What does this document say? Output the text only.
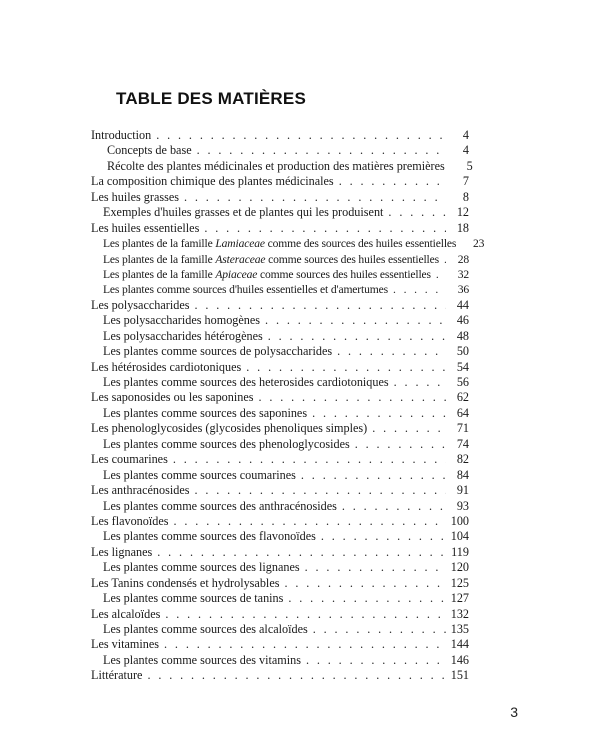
TABLE DES MATIÈRES
Introduction . . .	4
Concepts de base . . .	4
Récolte des plantes médicinales et production des matières premières	5
La composition chimique des plantes médicinales . . .	7
Les huiles grasses . . .	8
Exemples d'huiles grasses et de plantes qui les produisent . . .	12
Les huiles essentielles . . .	18
Les plantes de la famille Lamiaceae comme des sources des huiles essentielles	23
Les plantes de la famille Asteraceae comme sources des huiles essentielles . . .	28
Les plantes de la famille Apiaceae comme sources des huiles essentielles . . .	32
Les plantes comme sources d'huiles essentielles et d'amertumes . . .	36
Les polysaccharides . . .	44
Les polysaccharides homogènes . . .	46
Les polysaccharides hétérogènes . . .	48
Les plantes comme sources de polysaccharides . . .	50
Les hétérosides cardiotoniques . . .	54
Les plantes comme sources des heterosides cardiotoniques . . .	56
Les saponosides ou les saponines . . .	62
Les plantes comme sources des saponines . . .	64
Les phenologlycosides (glycosides phenoliques simples) . . .	71
Les plantes comme sources des phenologlycosides . . .	74
Les coumarines . . .	82
Les plantes comme sources coumarines . . .	84
Les anthracénosides . . .	91
Les plantes comme sources des anthracénosides . . .	93
Les flavonoïdes . . .	100
Les plantes comme sources des flavonoïdes . . .	104
Les lignanes . . .	119
Les plantes comme sources des lignanes . . .	120
Les Tanins condensés et hydrolysables . . .	125
Les plantes comme sources de tanins . . .	127
Les alcaloïdes . . .	132
Les plantes comme sources des alcaloïdes . . .	135
Les vitamines . . .	144
Les plantes comme sources des vitamins . . .	146
Littérature . . .	151
3
